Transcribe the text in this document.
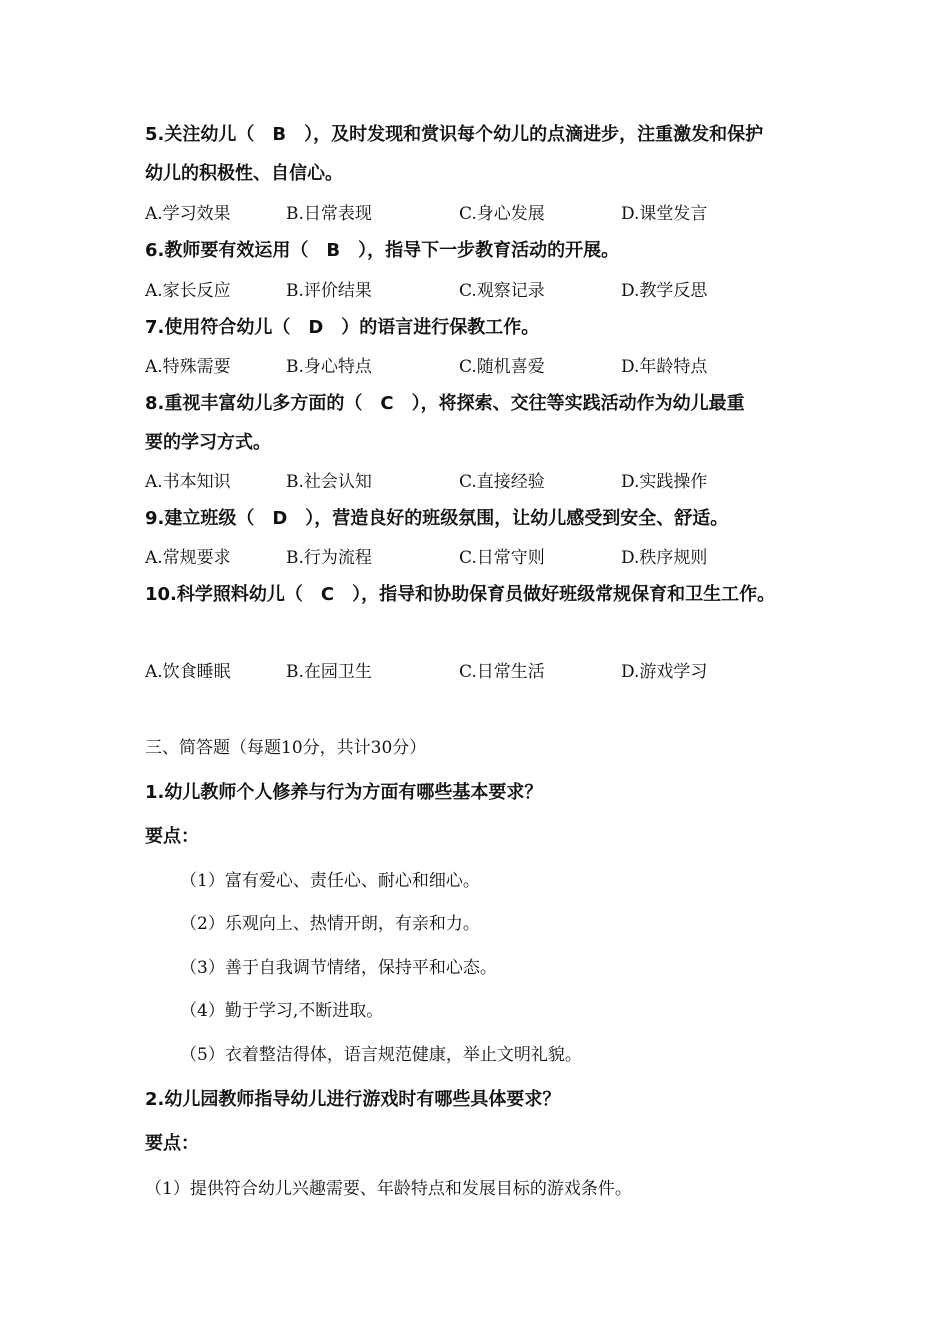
5.关注幼儿（　B　），及时发现和赏识每个幼儿的点滴进步，注重激发和保护
幼儿的积极性、自信心。
A.学习效果	B.日常表现	C.身心发展	D.课堂发言
6.教师要有效运用（　B　），指导下一步教育活动的开展。
A.家长反应	B.评价结果	C.观察记录	D.教学反思
7.使用符合幼儿（　D　）的语言进行保教工作。
A.特殊需要	B.身心特点	C.随机喜爱	D.年龄特点
8.重视丰富幼儿多方面的（　C　），将探索、交往等实践活动作为幼儿最重
要的学习方式。
A.书本知识	B.社会认知	C.直接经验	D.实践操作
9.建立班级（　D　），营造良好的班级氛围，让幼儿感受到安全、舒适。
A.常规要求	B.行为流程	C.日常守则	D.秩序规则
10.科学照料幼儿（　C　），指导和协助保育员做好班级常规保育和卫生工作。
A.饮食睡眠	B.在园卫生	C.日常生活	D.游戏学习
三、简答题（每题10分，共计30分）
1.幼儿教师个人修养与行为方面有哪些基本要求？
要点：
（1）富有爱心、责任心、耐心和细心。
（2）乐观向上、热情开朗，有亲和力。
（3）善于自我调节情绪，保持平和心态。
（4）勤于学习,不断进取。
（5）衣着整洁得体，语言规范健康，举止文明礼貌。
2.幼儿园教师指导幼儿进行游戏时有哪些具体要求？
要点：
（1）提供符合幼儿兴趣需要、年龄特点和发展目标的游戏条件。
